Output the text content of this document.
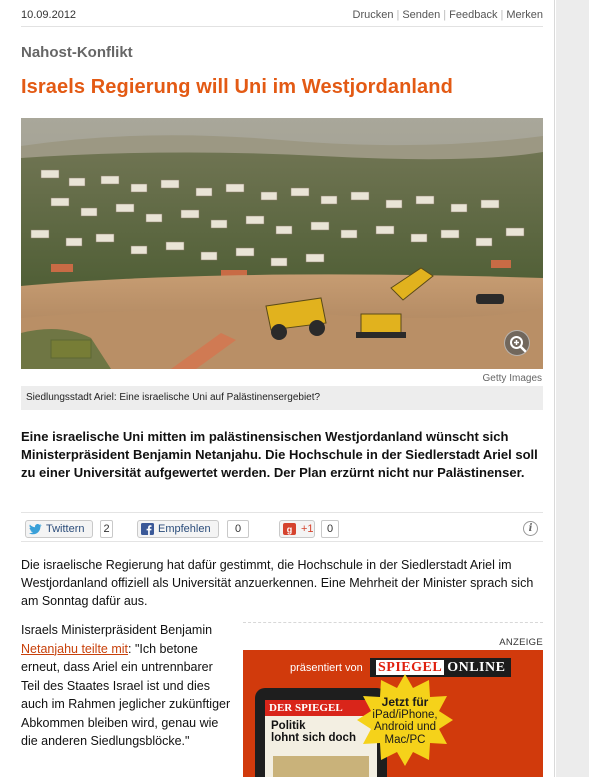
10.09.2012	Drucken | Senden | Feedback | Merken
Nahost-Konflikt
Israels Regierung will Uni im Westjordanland
Getty Images
Siedlungsstadt Ariel: Eine israelische Uni auf Palästinensergebiet?

Eine israelische Uni mitten im palästinensischen Westjordanland wünscht sich Ministerpräsident Benjamin Netanjahu. Die Hochschule in der Siedlerstadt Ariel soll zu einer Universität aufgewertet werden. Der Plan erzürnt nicht nur Palästinenser.

Twittern	2	Empfehlen	0	g +1	0	i

Die israelische Regierung hat dafür gestimmt, die Hochschule in der Siedlerstadt Ariel im Westjordanland offiziell als Universität anzuerkennen. Eine Mehrheit der Minister sprach sich am Sonntag dafür aus.

Israels Ministerpräsident Benjamin Netanjahu teilte mit: "Ich betone erneut, dass Ariel ein untrennbarer Teil des Staates Israel ist und dies auch im Rahmen jeglicher zukünftiger Abkommen bleiben wird, genau wie die anderen Siedlungsblöcke."

ANZEIGE
präsentiert von	SPIEGEL ONLINE
DER SPIEGEL
Politik
lohnt sich doch
Jetzt für
iPad/iPhone,
Android und
Mac/PC
